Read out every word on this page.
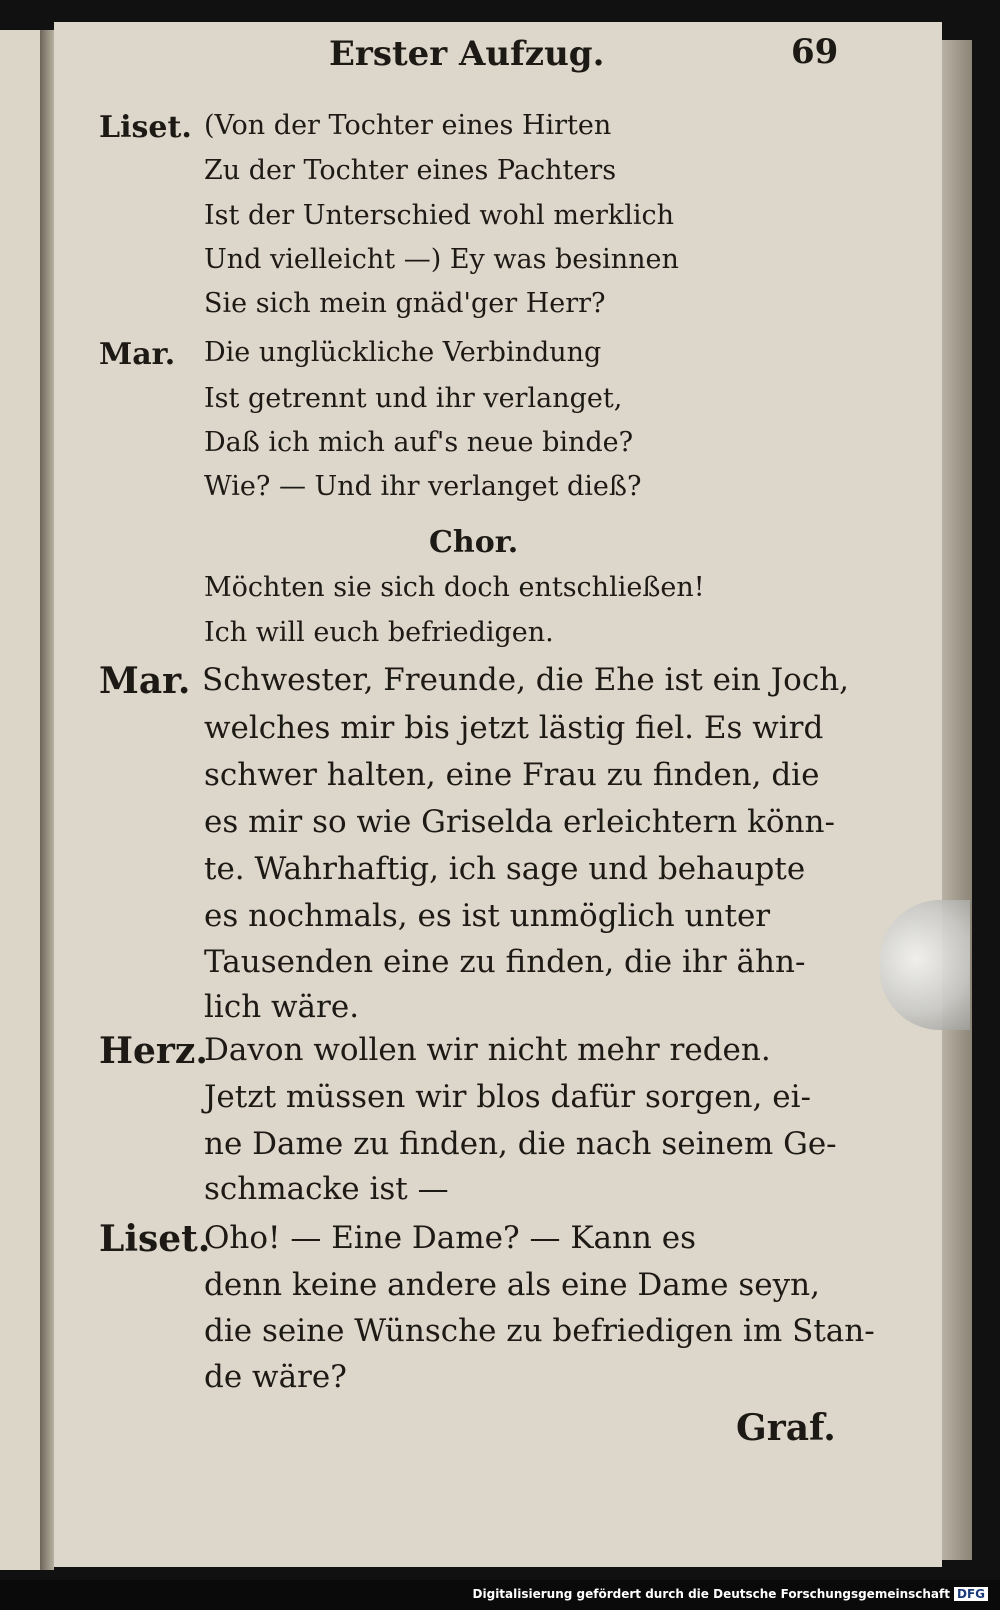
Erster Aufzug.	69
Liset. (Von der Tochter eines Hirten
Zu der Tochter eines Pachters
Ist der Unterschied wohl merklich
Und vielleicht —) Ey was besinnen
Sie sich mein gnäd'ger Herr?
Mar. Die unglückliche Verbindung
Ist getrennt und ihr verlanget,
Daß ich mich auf's neue binde?
Wie? — Und ihr verlanget dieß?
Chor.
Möchten sie sich doch entschließen!
Ich will euch befriedigen.
Mar. Schwester, Freunde, die Ehe ist ein Joch,
welches mir bis jetzt lästig fiel. Es wird
schwer halten, eine Frau zu finden, die
es mir so wie Griselda erleichtern könn-
te. Wahrhaftig, ich sage und behaupte
es nochmals, es ist unmöglich unter
Tausenden eine zu finden, die ihr ähn-
lich wäre.
Herz.
Davon wollen wir nicht mehr reden.
Jetzt müssen wir blos dafür sorgen, ei-
ne Dame zu finden, die nach seinem Ge-
schmacke ist —
Liset.
Oho! — Eine Dame? — Kann es
denn keine andere als eine Dame seyn,
die seine Wünsche zu befriedigen im Stan-
de wäre?
Graf.
Digitalisierung gefördert durch die Deutsche Forschungsgemeinschaft DFG
